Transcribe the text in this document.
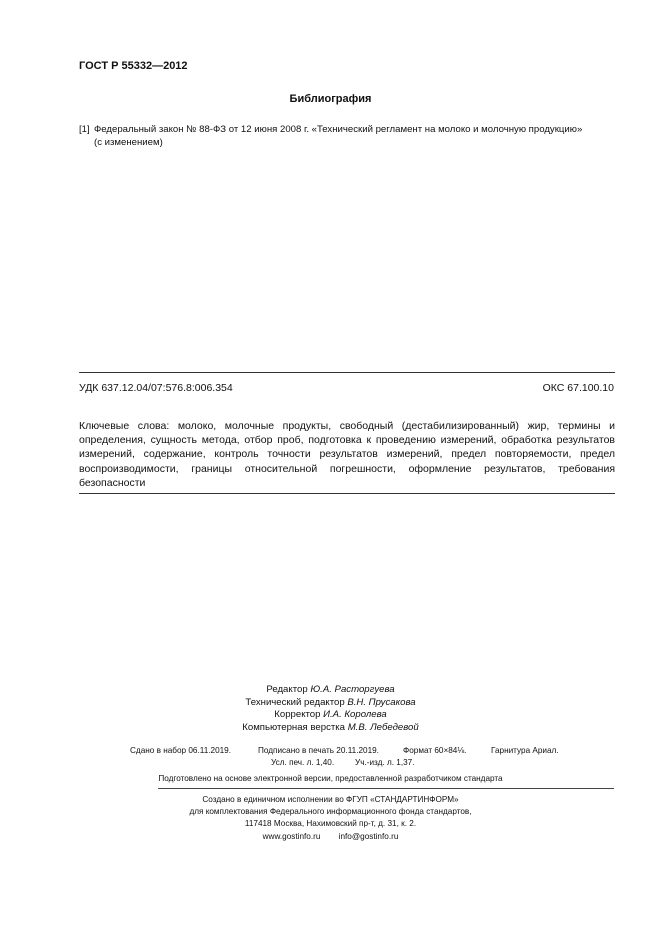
ГОСТ Р 55332—2012
Библиография
[1] Федеральный закон № 88-ФЗ от 12 июня 2008 г. «Технический регламент на молоко и молочную продукцию»
(с изменением)
УДК 637.12.04/07:576.8:006.354	ОКС 67.100.10
Ключевые слова: молоко, молочные продукты, свободный (дестабилизированный) жир, термины и определения, сущность метода, отбор проб, подготовка к проведению измерений, обработка результатов измерений, содержание, контроль точности результатов измерений, предел повторяемости, предел воспроизводимости, границы относительной погрешности, оформление результатов, требования безопасности
Редактор Ю.А. Расторгуева
Технический редактор В.Н. Прусакова
Корректор И.А. Королева
Компьютерная верстка М.В. Лебедевой
Сдано в набор 06.11.2019.	Подписано в печать 20.11.2019.	Формат 60×84⅛.	Гарнитура Ариал.
Усл. печ. л. 1,40.	Уч.-изд. л. 1,37.
Подготовлено на основе электронной версии, предоставленной разработчиком стандарта
Создано в единичном исполнении во ФГУП «СТАНДАРТИНФОРМ»
для комплектования Федерального информационного фонда стандартов,
117418 Москва, Нахимовский пр-т, д. 31, к. 2.
www.gostinfo.ru info@gostinfo.ru
